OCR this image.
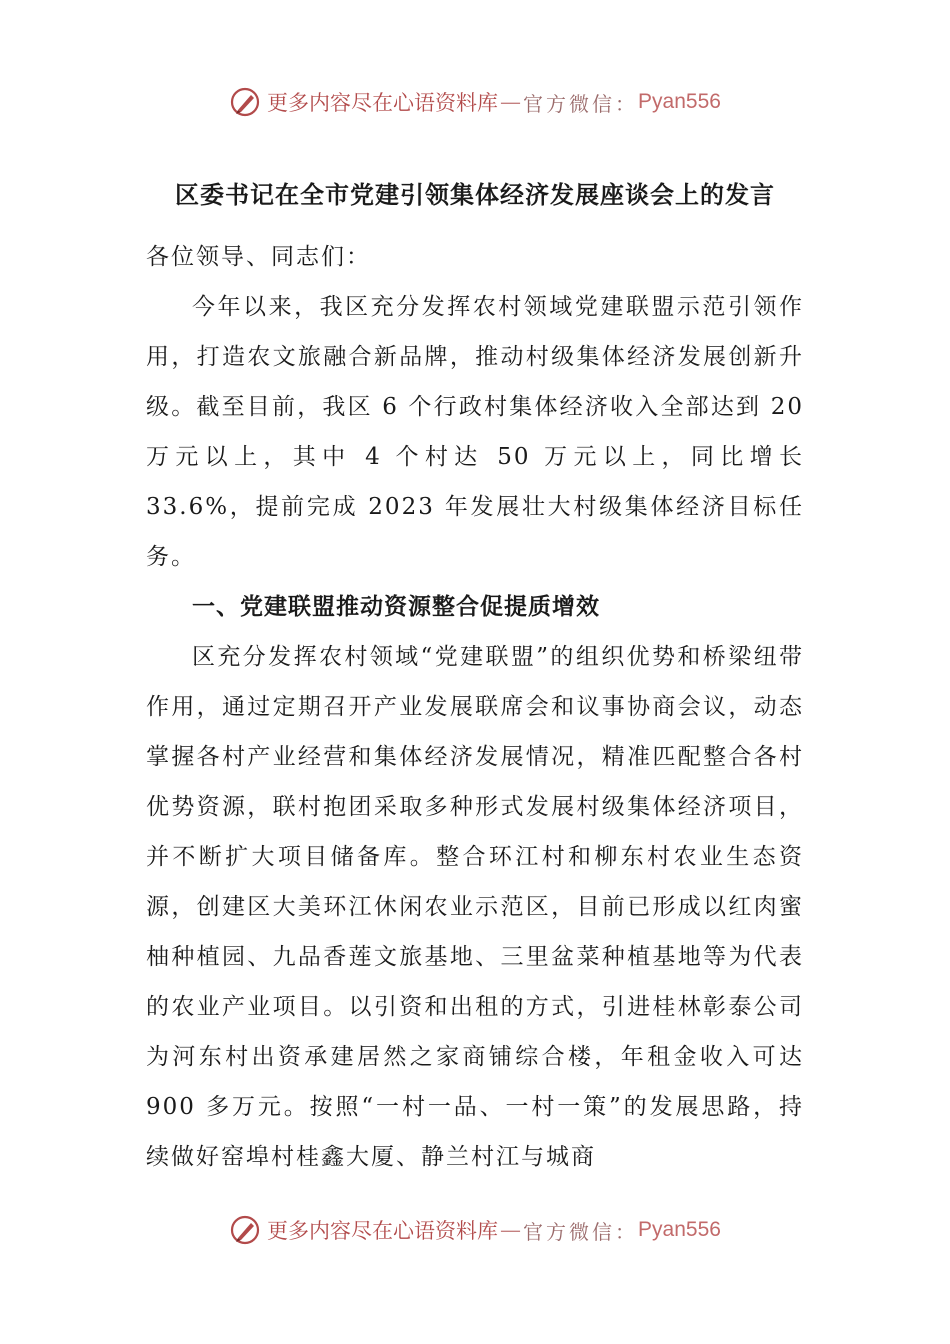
更多内容尽在心语资料库 — 官方微信： Pyan556
区委书记在全市党建引领集体经济发展座谈会上的发言

各位领导、同志们：

今年以来，我区充分发挥农村领域党建联盟示范引领作用，打造农文旅融合新品牌，推动村级集体经济发展创新升级。截至目前，我区 6 个行政村集体经济收入全部达到 20 万元以上，其中 4 个村达 50 万元以上，同比增长33.6%，提前完成 2023 年发展壮大村级集体经济目标任务。

一、党建联盟推动资源整合促提质增效

区充分发挥农村领域“党建联盟”的组织优势和桥梁纽带作用，通过定期召开产业发展联席会和议事协商会议，动态掌握各村产业经营和集体经济发展情况，精准匹配整合各村优势资源，联村抱团采取多种形式发展村级集体经济项目，并不断扩大项目储备库。整合环江村和柳东村农业生态资源，创建区大美环江休闲农业示范区，目前已形成以红肉蜜柚种植园、九品香莲文旅基地、三里盆菜种植基地等为代表的农业产业项目。以引资和出租的方式，引进桂林彰泰公司为河东村出资承建居然之家商铺综合楼，年租金收入可达 900 多万元。按照“一村一品、一村一策”的发展思路，持续做好窑埠村桂鑫大厦、静兰村江与城商

更多内容尽在心语资料库 — 官方微信： Pyan556
